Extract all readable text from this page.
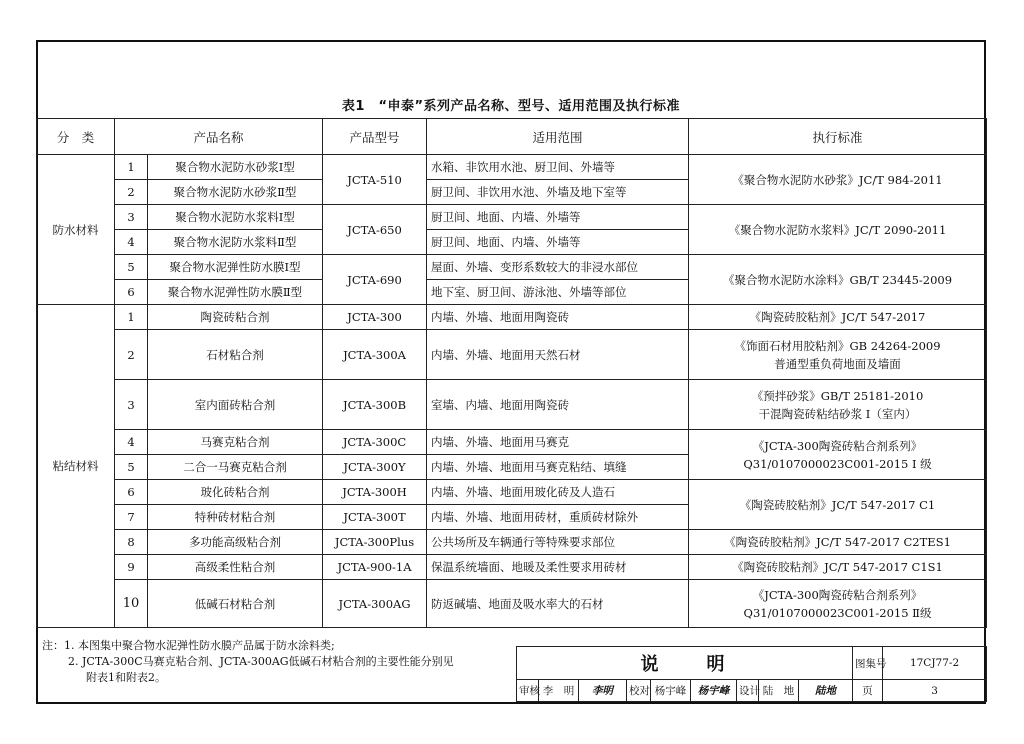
表1　“申泰”系列产品名称、型号、适用范围及执行标准
分　类	产品名称		产品型号	适用范围	执行标准
防水材料	1	聚合物水泥防水砂浆Ⅰ型	JCTA-510	水箱、非饮用水池、厨卫间、外墙等	《聚合物水泥防水砂浆》JC/T 984-2011
	2	聚合物水泥防水砂浆Ⅱ型		厨卫间、非饮用水池、外墙及地下室等	
	3	聚合物水泥防水浆料Ⅰ型	JCTA-650	厨卫间、地面、内墙、外墙等	《聚合物水泥防水浆料》JC/T 2090-2011
	4	聚合物水泥防水浆料Ⅱ型		厨卫间、地面、内墙、外墙等	
	5	聚合物水泥弹性防水膜Ⅰ型	JCTA-690	屋面、外墙、变形系数较大的非浸水部位	《聚合物水泥防水涂料》GB/T 23445-2009
	6	聚合物水泥弹性防水膜Ⅱ型		地下室、厨卫间、游泳池、外墙等部位	
粘结材料	1	陶瓷砖粘合剂	JCTA-300	内墙、外墙、地面用陶瓷砖	《陶瓷砖胶粘剂》JC/T 547-2017
	2	石材粘合剂	JCTA-300A	内墙、外墙、地面用天然石材	《饰面石材用胶粘剂》GB 24264-2009
普通型重负荷地面及墙面

	3	室内面砖粘合剂	JCTA-300B	室墙、内墙、地面用陶瓷砖	《预拌砂浆》GB/T 25181-2010
干混陶瓷砖粘结砂浆 I（室内）

	4	马赛克粘合剂	JCTA-300C	内墙、外墙、地面用马赛克	《JCTA-300陶瓷砖粘合剂系列》
Q31/0107000023C001-2015 I 级

	5	二合一马赛克粘合剂	JCTA-300Y	内墙、外墙、地面用马赛克粘结、填缝	
	6	玻化砖粘合剂	JCTA-300H	内墙、外墙、地面用玻化砖及人造石	《陶瓷砖胶粘剂》JC/T 547-2017 C1
	7	特种砖材粘合剂	JCTA-300T	内墙、外墙、地面用砖材，重质砖材除外	
	8	多功能高级粘合剂	JCTA-300Plus	公共场所及车辆通行等特殊要求部位	《陶瓷砖胶粘剂》JC/T 547-2017 C2TES1
	9	高级柔性粘合剂	JCTA-900-1A	保温系统墙面、地暖及柔性要求用砖材	《陶瓷砖胶粘剂》JC/T 547-2017 C1S1
	10	低碱石材粘合剂	JCTA-300AG	防返碱墙、地面及吸水率大的石材	《JCTA-300陶瓷砖粘合剂系列》
Q31/0107000023C001-2015 Ⅱ级
注：1. 本图集中聚合物水泥弹性防水膜产品属于防水涂料类;
2. JCTA-300C马赛克粘合剂、JCTA-300AG低碱石材粘合剂的主要性能分别见
附表1和附表2。
说　　明									图集号	17CJ77-2
审核	李　明	李明	校对	杨宇峰	杨宇峰	设计	陆　地	陆地	页	3
